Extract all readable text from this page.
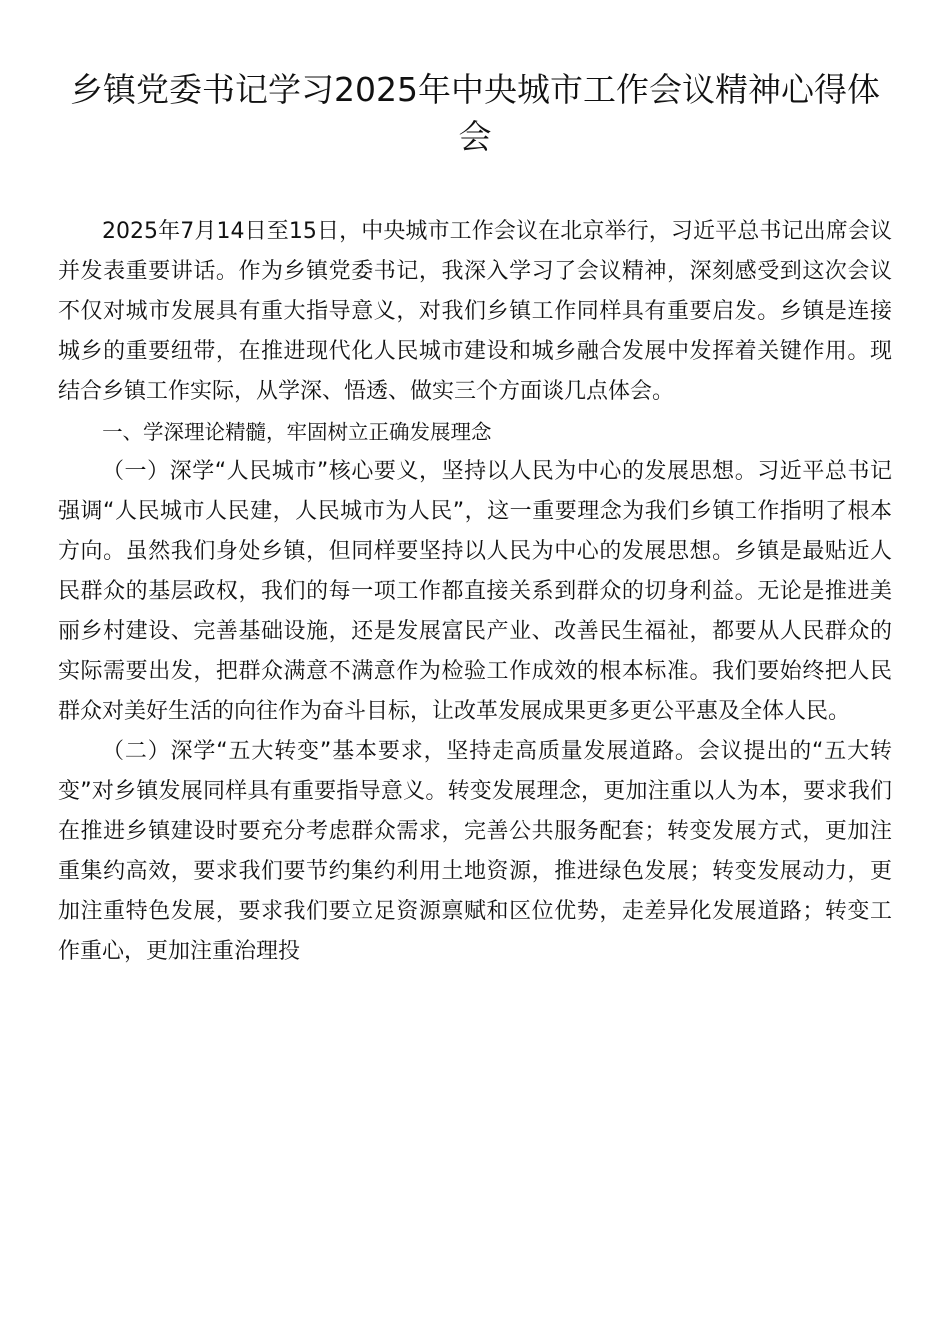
乡镇党委书记学习2025年中央城市工作会议精神心得体会

2025年7月14日至15日，中央城市工作会议在北京举行，习近平总书记出席会议并发表重要讲话。作为乡镇党委书记，我深入学习了会议精神，深刻感受到这次会议不仅对城市发展具有重大指导意义，对我们乡镇工作同样具有重要启发。乡镇是连接城乡的重要纽带，在推进现代化人民城市建设和城乡融合发展中发挥着关键作用。现结合乡镇工作实际，从学深、悟透、做实三个方面谈几点体会。

一、学深理论精髓，牢固树立正确发展理念

（一）深学“人民城市”核心要义，坚持以人民为中心的发展思想。习近平总书记强调“人民城市人民建，人民城市为人民”，这一重要理念为我们乡镇工作指明了根本方向。虽然我们身处乡镇，但同样要坚持以人民为中心的发展思想。乡镇是最贴近人民群众的基层政权，我们的每一项工作都直接关系到群众的切身利益。无论是推进美丽乡村建设、完善基础设施，还是发展富民产业、改善民生福祉，都要从人民群众的实际需要出发，把群众满意不满意作为检验工作成效的根本标准。我们要始终把人民群众对美好生活的向往作为奋斗目标，让改革发展成果更多更公平惠及全体人民。

（二）深学“五大转变”基本要求，坚持走高质量发展道路。会议提出的“五大转变”对乡镇发展同样具有重要指导意义。转变发展理念，更加注重以人为本，要求我们在推进乡镇建设时要充分考虑群众需求，完善公共服务配套；转变发展方式，更加注重集约高效，要求我们要节约集约利用土地资源，推进绿色发展；转变发展动力，更加注重特色发展，要求我们要立足资源禀赋和区位优势，走差异化发展道路；转变工作重心，更加注重治理投
